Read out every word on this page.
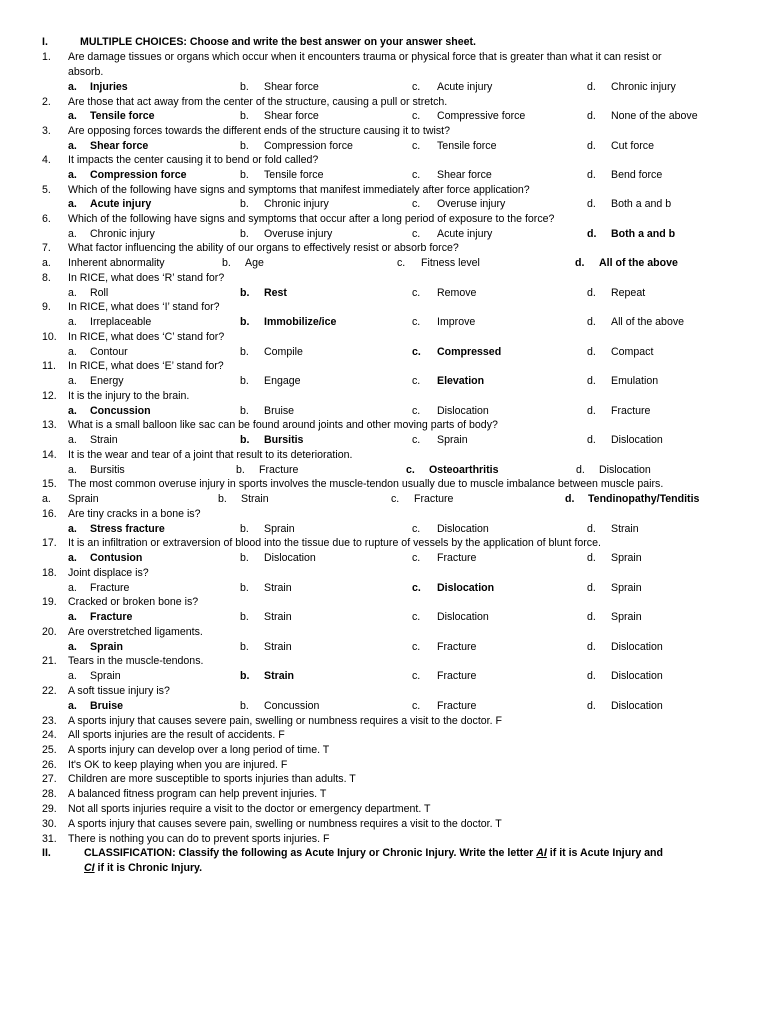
I.	MULTIPLE CHOICES: Choose and write the best answer on your answer sheet.
1. Are damage tissues or organs which occur when it encounters trauma or physical force that is greater than what it can resist or
absorb.
a. Injuries	b. Shear force	c. Acute injury	d. Chronic injury
2. Are those that act away from the center of the structure, causing a pull or stretch.
a. Tensile force	b. Shear force	c. Compressive force	d. None of the above
3. Are opposing forces towards the different ends of the structure causing it to twist?
a. Shear force	b. Compression force	c. Tensile force	d. Cut force
4. It impacts the center causing it to bend or fold called?
a. Compression force	b. Tensile force	c. Shear force	d. Bend force
5. Which of the following have signs and symptoms that manifest immediately after force application?
a. Acute injury	b. Chronic injury	c. Overuse injury	d. Both a and b
6. Which of the following have signs and symptoms that occur after a long period of exposure to the force?
a. Chronic injury	b. Overuse injury	c. Acute injury	d. Both a and b
7. What factor influencing the ability of our organs to effectively resist or absorb force?
a. Inherent abnormality	b. Age	c. Fitness level	d. All of the above
8. In RICE, what does ‘R’ stand for?
a. Roll	b. Rest	c. Remove	d. Repeat
9. In RICE, what does ‘I’ stand for?
a. Irreplaceable	b. Immobilize/ice	c. Improve	d. All of the above
10. In RICE, what does ‘C’ stand for?
a. Contour	b. Compile	c. Compressed	d. Compact
11. In RICE, what does ‘E’ stand for?
a. Energy	b. Engage	c. Elevation	d. Emulation
12. It is the injury to the brain.
a. Concussion	b. Bruise	c. Dislocation	d. Fracture
13. What is a small balloon like sac can be found around joints and other moving parts of body?
a. Strain	b. Bursitis	c. Sprain	d. Dislocation
14. It is the wear and tear of a joint that result to its deterioration.
a. Bursitis	b. Fracture	c. Osteoarthritis	d. Dislocation
15. The most common overuse injury in sports involves the muscle-tendon usually due to muscle imbalance between muscle pairs.
a. Sprain	b. Strain	c. Fracture	d. Tendinopathy/Tenditis
16. Are tiny cracks in a bone is?
a. Stress fracture	b. Sprain	c. Dislocation	d. Strain
17. It is an infiltration or extraversion of blood into the tissue due to rupture of vessels by the application of blunt force.
a. Contusion	b. Dislocation	c. Fracture	d. Sprain
18. Joint displace is?
a. Fracture	b. Strain	c. Dislocation	d. Sprain
19. Cracked or broken bone is?
a. Fracture	b. Strain	c. Dislocation	d. Sprain
20. Are overstretched ligaments.
a. Sprain	b. Strain	c. Fracture	d. Dislocation
21. Tears in the muscle-tendons.
a. Sprain	b. Strain	c. Fracture	d. Dislocation
22. A soft tissue injury is?
a. Bruise	b. Concussion	c. Fracture	d. Dislocation
23. A sports injury that causes severe pain, swelling or numbness requires a visit to the doctor. F
24. All sports injuries are the result of accidents. F
25. A sports injury can develop over a long period of time. T
26. It's OK to keep playing when you are injured. F
27. Children are more susceptible to sports injuries than adults. T
28. A balanced fitness program can help prevent injuries. T
29. Not all sports injuries require a visit to the doctor or emergency department. T
30. A sports injury that causes severe pain, swelling or numbness requires a visit to the doctor. T
31. There is nothing you can do to prevent sports injuries. F
II.	CLASSIFICATION: Classify the following as Acute Injury or Chronic Injury. Write the letter AI if it is Acute Injury and
CI if it is Chronic Injury.
